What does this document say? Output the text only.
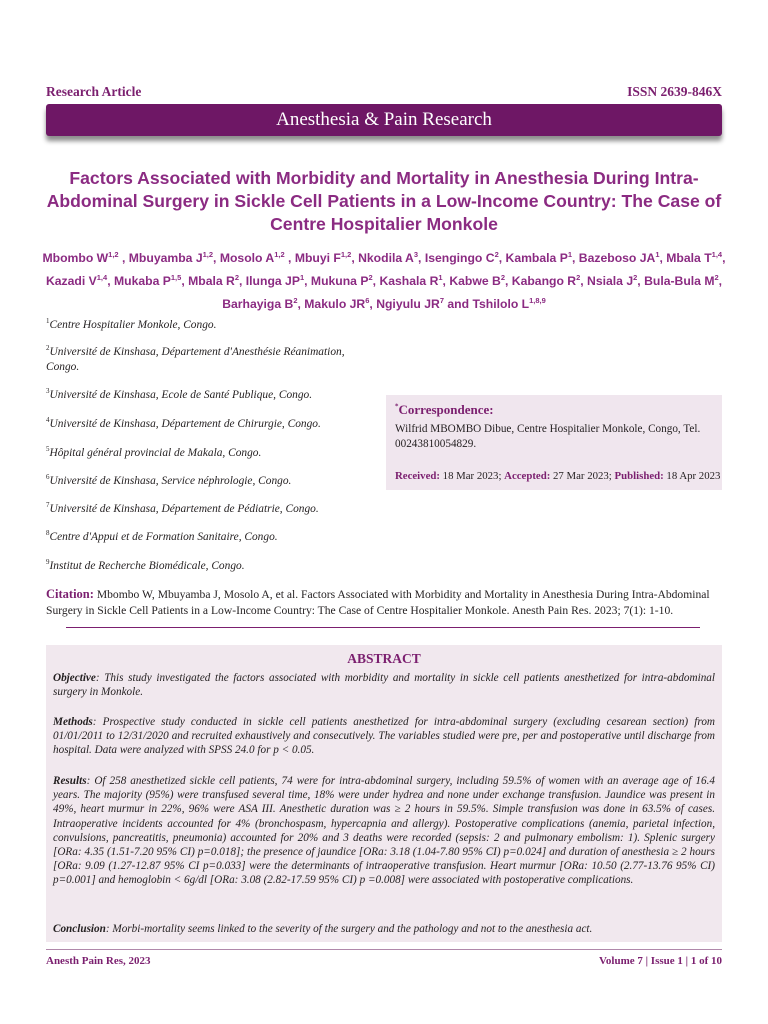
Research Article	ISSN 2639-846X
Anesthesia & Pain Research
Factors Associated with Morbidity and Mortality in Anesthesia During Intra-Abdominal Surgery in Sickle Cell Patients in a Low-Income Country: The Case of Centre Hospitalier Monkole
Mbombo W$^{1,2}$ , Mbuyamba J$^{1,2}$, Mosolo A$^{1,2}$ , Mbuyi F$^{1,2}$, Nkodila $A^3$, Isengingo $C^2$, Kambala $P^1$, Bazeboso $JA^1$, Mbala T$^{1,4}$, Kazadi V$^{1,4}$, Mukaba P$^{1,5}$, Mbala $R^2$, Ilunga $JP^1$, Mukuna $P^2$, Kashala $R^1$, Kabwe $B^2$, Kabango $R^2$, Nsiala $J^2$, Bula-Bula $M^2$, Barhayiga $B^2$, Makulo $JR^6$, Ngiyulu $JR^7$ and Tshilolo L$^{1,8,9}$
$^1$Centre Hospitalier Monkole, Congo.
$^2$Université de Kinshasa, Département d'Anesthésie Réanimation, Congo.
$^3$Université de Kinshasa, Ecole de Santé Publique, Congo.
$^4$Université de Kinshasa, Département de Chirurgie, Congo.
$^5$Hôpital général provincial de Makala, Congo.
$^6$Université de Kinshasa, Service néphrologie, Congo.
$^7$Université de Kinshasa, Département de Pédiatrie, Congo.
$^8$Centre d'Appui et de Formation Sanitaire, Congo.
$^9$Institut de Recherche Biomédicale, Congo.
*Correspondence:
Wilfrid MBOMBO Dibue, Centre Hospitalier Monkole, Congo, Tel. 00243810054829.
Received: 18 Mar 2023; Accepted: 27 Mar 2023; Published: 18 Apr 2023
Citation: Mbombo W, Mbuyamba J, Mosolo A, et al. Factors Associated with Morbidity and Mortality in Anesthesia During Intra-Abdominal Surgery in Sickle Cell Patients in a Low-Income Country: The Case of Centre Hospitalier Monkole. Anesth Pain Res. 2023; 7(1): 1-10.
ABSTRACT
Objective: This study investigated the factors associated with morbidity and mortality in sickle cell patients anesthetized for intra-abdominal surgery in Monkole.
Methods: Prospective study conducted in sickle cell patients anesthetized for intra-abdominal surgery (excluding cesarean section) from 01/01/2011 to 12/31/2020 and recruited exhaustively and consecutively. The variables studied were pre, per and postoperative until discharge from hospital. Data were analyzed with SPSS 24.0 for p < 0.05.
Results: Of 258 anesthetized sickle cell patients, 74 were for intra-abdominal surgery, including 59.5% of women with an average age of 16.4 years. The majority (95%) were transfused several time, 18% were under hydrea and none under exchange transfusion. Jaundice was present in 49%, heart murmur in 22%, 96% were ASA III. Anesthetic duration was ≥ 2 hours in 59.5%. Simple transfusion was done in 63.5% of cases. Intraoperative incidents accounted for 4% (bronchospasm, hypercapnia and allergy). Postoperative complications (anemia, parietal infection, convulsions, pancreatitis, pneumonia) accounted for 20% and 3 deaths were recorded (sepsis: 2 and pulmonary embolism: 1). Splenic surgery [ORa: 4.35 (1.51-7.20 95% CI) p=0.018]; the presence of jaundice [ORa: 3.18 (1.04-7.80 95% CI) p=0.024] and duration of anesthesia ≥ 2 hours [ORa: 9.09 (1.27-12.87 95% CI p=0.033] were the determinants of intraoperative transfusion. Heart murmur [ORa: 10.50 (2.77-13.76 95% CI) p=0.001] and hemoglobin < 6g/dl [ORa: 3.08 (2.82-17.59 95% CI) p =0.008] were associated with postoperative complications.
Conclusion: Morbi-mortality seems linked to the severity of the surgery and the pathology and not to the anesthesia act.
Anesth Pain Res, 2023	Volume 7 | Issue 1 | 1 of 10
